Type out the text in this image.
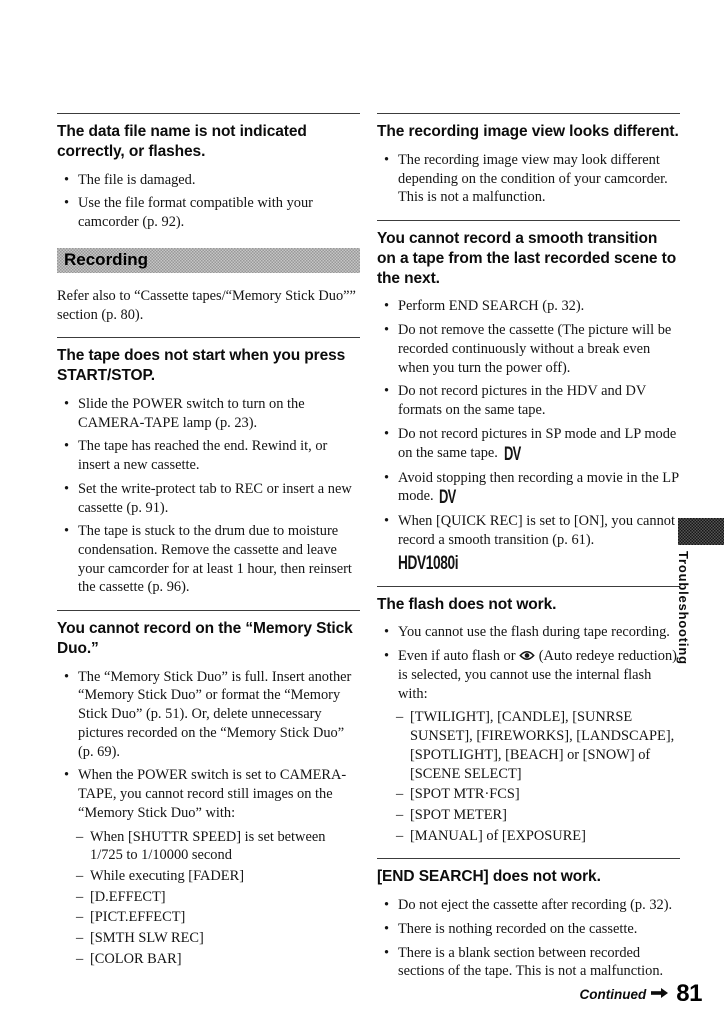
The data file name is not indicated correctly, or flashes.
• The file is damaged.
• Use the file format compatible with your camcorder (p. 92).
Recording

Refer also to “Cassette tapes/“Memory Stick Duo”” section (p. 80).

The tape does not start when you press START/STOP.
• Slide the POWER switch to turn on the CAMERA-TAPE lamp (p. 23).
• The tape has reached the end. Rewind it, or insert a new cassette.
• Set the write-protect tab to REC or insert a new cassette (p. 91).
• The tape is stuck to the drum due to moisture condensation. Remove the cassette and leave your camcorder for at least 1 hour, then reinsert the cassette (p. 96).
You cannot record on the “Memory Stick Duo.”
• The “Memory Stick Duo” is full. Insert another “Memory Stick Duo” or format the “Memory Stick Duo” (p. 51). Or, delete unnecessary pictures recorded on the “Memory Stick Duo” (p. 69).
• When the POWER switch is set to CAMERA-TAPE, you cannot record still images on the “Memory Stick Duo” with:
– When [SHUTTR SPEED] is set between 1/725 to 1/10000 second
– While executing [FADER]
– [D.EFFECT]
– [PICT.EFFECT]
– [SMTH SLW REC]
– [COLOR BAR]
The recording image view looks different.
• The recording image view may look different depending on the condition of your camcorder. This is not a malfunction.
You cannot record a smooth transition on a tape from the last recorded scene to the next.
• Perform END SEARCH (p. 32).
• Do not remove the cassette (The picture will be recorded continuously without a break even when you turn the power off).
• Do not record pictures in the HDV and DV formats on the same tape.
• Do not record pictures in SP mode and LP mode on the same tape. DV
• Avoid stopping then recording a movie in the LP mode. DV
• When [QUICK REC] is set to [ON], you cannot record a smooth transition (p. 61).
HDV1080i
The flash does not work.
• You cannot use the flash during tape recording.
• Even if auto flash or  (Auto redeye reduction) is selected, you cannot use the internal flash with:
– [TWILIGHT], [CANDLE], [SUNRSE SUNSET], [FIREWORKS], [LANDSCAPE], [SPOTLIGHT], [BEACH] or [SNOW] of [SCENE SELECT]
– [SPOT MTR·FCS]
– [SPOT METER]
– [MANUAL] of [EXPOSURE]
[END SEARCH] does not work.
• Do not eject the cassette after recording (p. 32).
• There is nothing recorded on the cassette.
• There is a blank section between recorded sections of the tape. This is not a malfunction.
Troubleshooting
Continued 81
